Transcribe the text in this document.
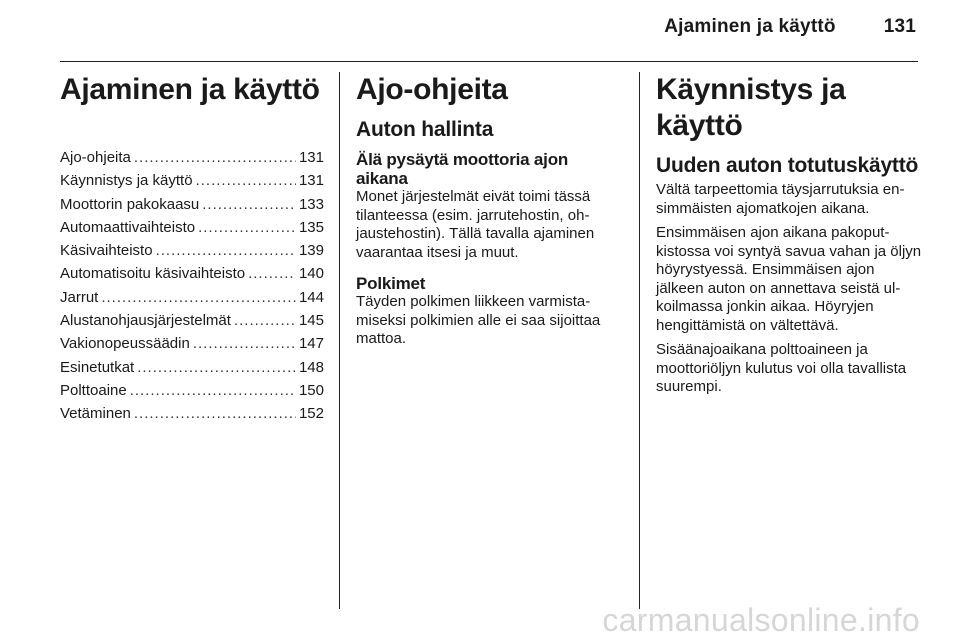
Ajaminen ja käyttö	131
Ajaminen ja käyttö
Ajo-ohjeita .....	131
Käynnistys ja käyttö .....	131
Moottorin pakokaasu .....	133
Automaattivaihteisto .....	135
Käsivaihteisto .....	139
Automatisoitu käsivaihteisto .....	140
Jarrut .....	144
Alustanohjausjärjestelmät .....	145
Vakionopeussäädin .....	147
Esinetutkat .....	148
Polttoaine .....	150
Vetäminen .....	152
Ajo-ohjeita
Auton hallinta
Älä pysäytä moottoria ajon aikana

Monet järjestelmät eivät toimi tässä tilanteessa (esim. jarrutehostin, ohjaustehostin). Tällä tavalla ajaminen vaarantaa itsesi ja muut.

Polkimet

Täyden polkimen liikkeen varmistamiseksi polkimien alle ei saa sijoittaa mattoa.

Käynnistys ja käyttö
Uuden auton totutuskäyttö

Vältä tarpeettomia täysjarrutuksia ensimmäisten ajomatkojen aikana.

Ensimmäisen ajon aikana pakoputkistossa voi syntyä savua vahan ja öljyn höyrystyessä. Ensimmäisen ajon jälkeen auton on annettava seistä ulkoilmassa jonkin aikaa. Höyryjen hengittämistä on vältettävä.

Sisäänajoaikana polttoaineen ja moottoriöljyn kulutus voi olla tavallista suurempi.

carmanualsonline.info
